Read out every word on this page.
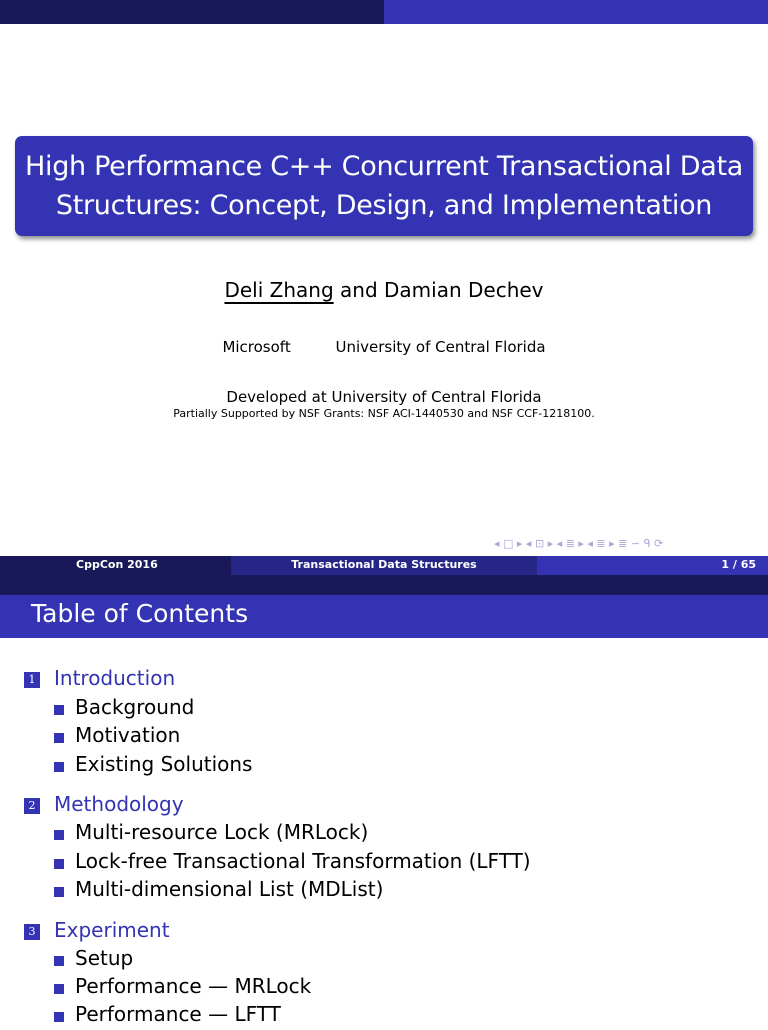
High Performance C++ Concurrent Transactional Data
Structures: Concept, Design, and Implementation
Deli Zhang and Damian Dechev
Microsoft	University of Central Florida
Developed at University of Central Florida
Partially Supported by NSF Grants: NSF ACI-1440530 and NSF CCF-1218100.
◂ □ ▸ ◂ ⊡ ▸ ◂ ≣ ▸ ◂ ≣ ▸ ≣ ∽ ᑫ ⟳
CppCon 2016	Transactional Data Structures	1 / 65
Table of Contents
1 Introduction
Background
Motivation
Existing Solutions
2 Methodology
Multi-resource Lock (MRLock)
Lock-free Transactional Transformation (LFTT)
Multi-dimensional List (MDList)
3 Experiment
Setup
Performance — MRLock
Performance — LFTT
